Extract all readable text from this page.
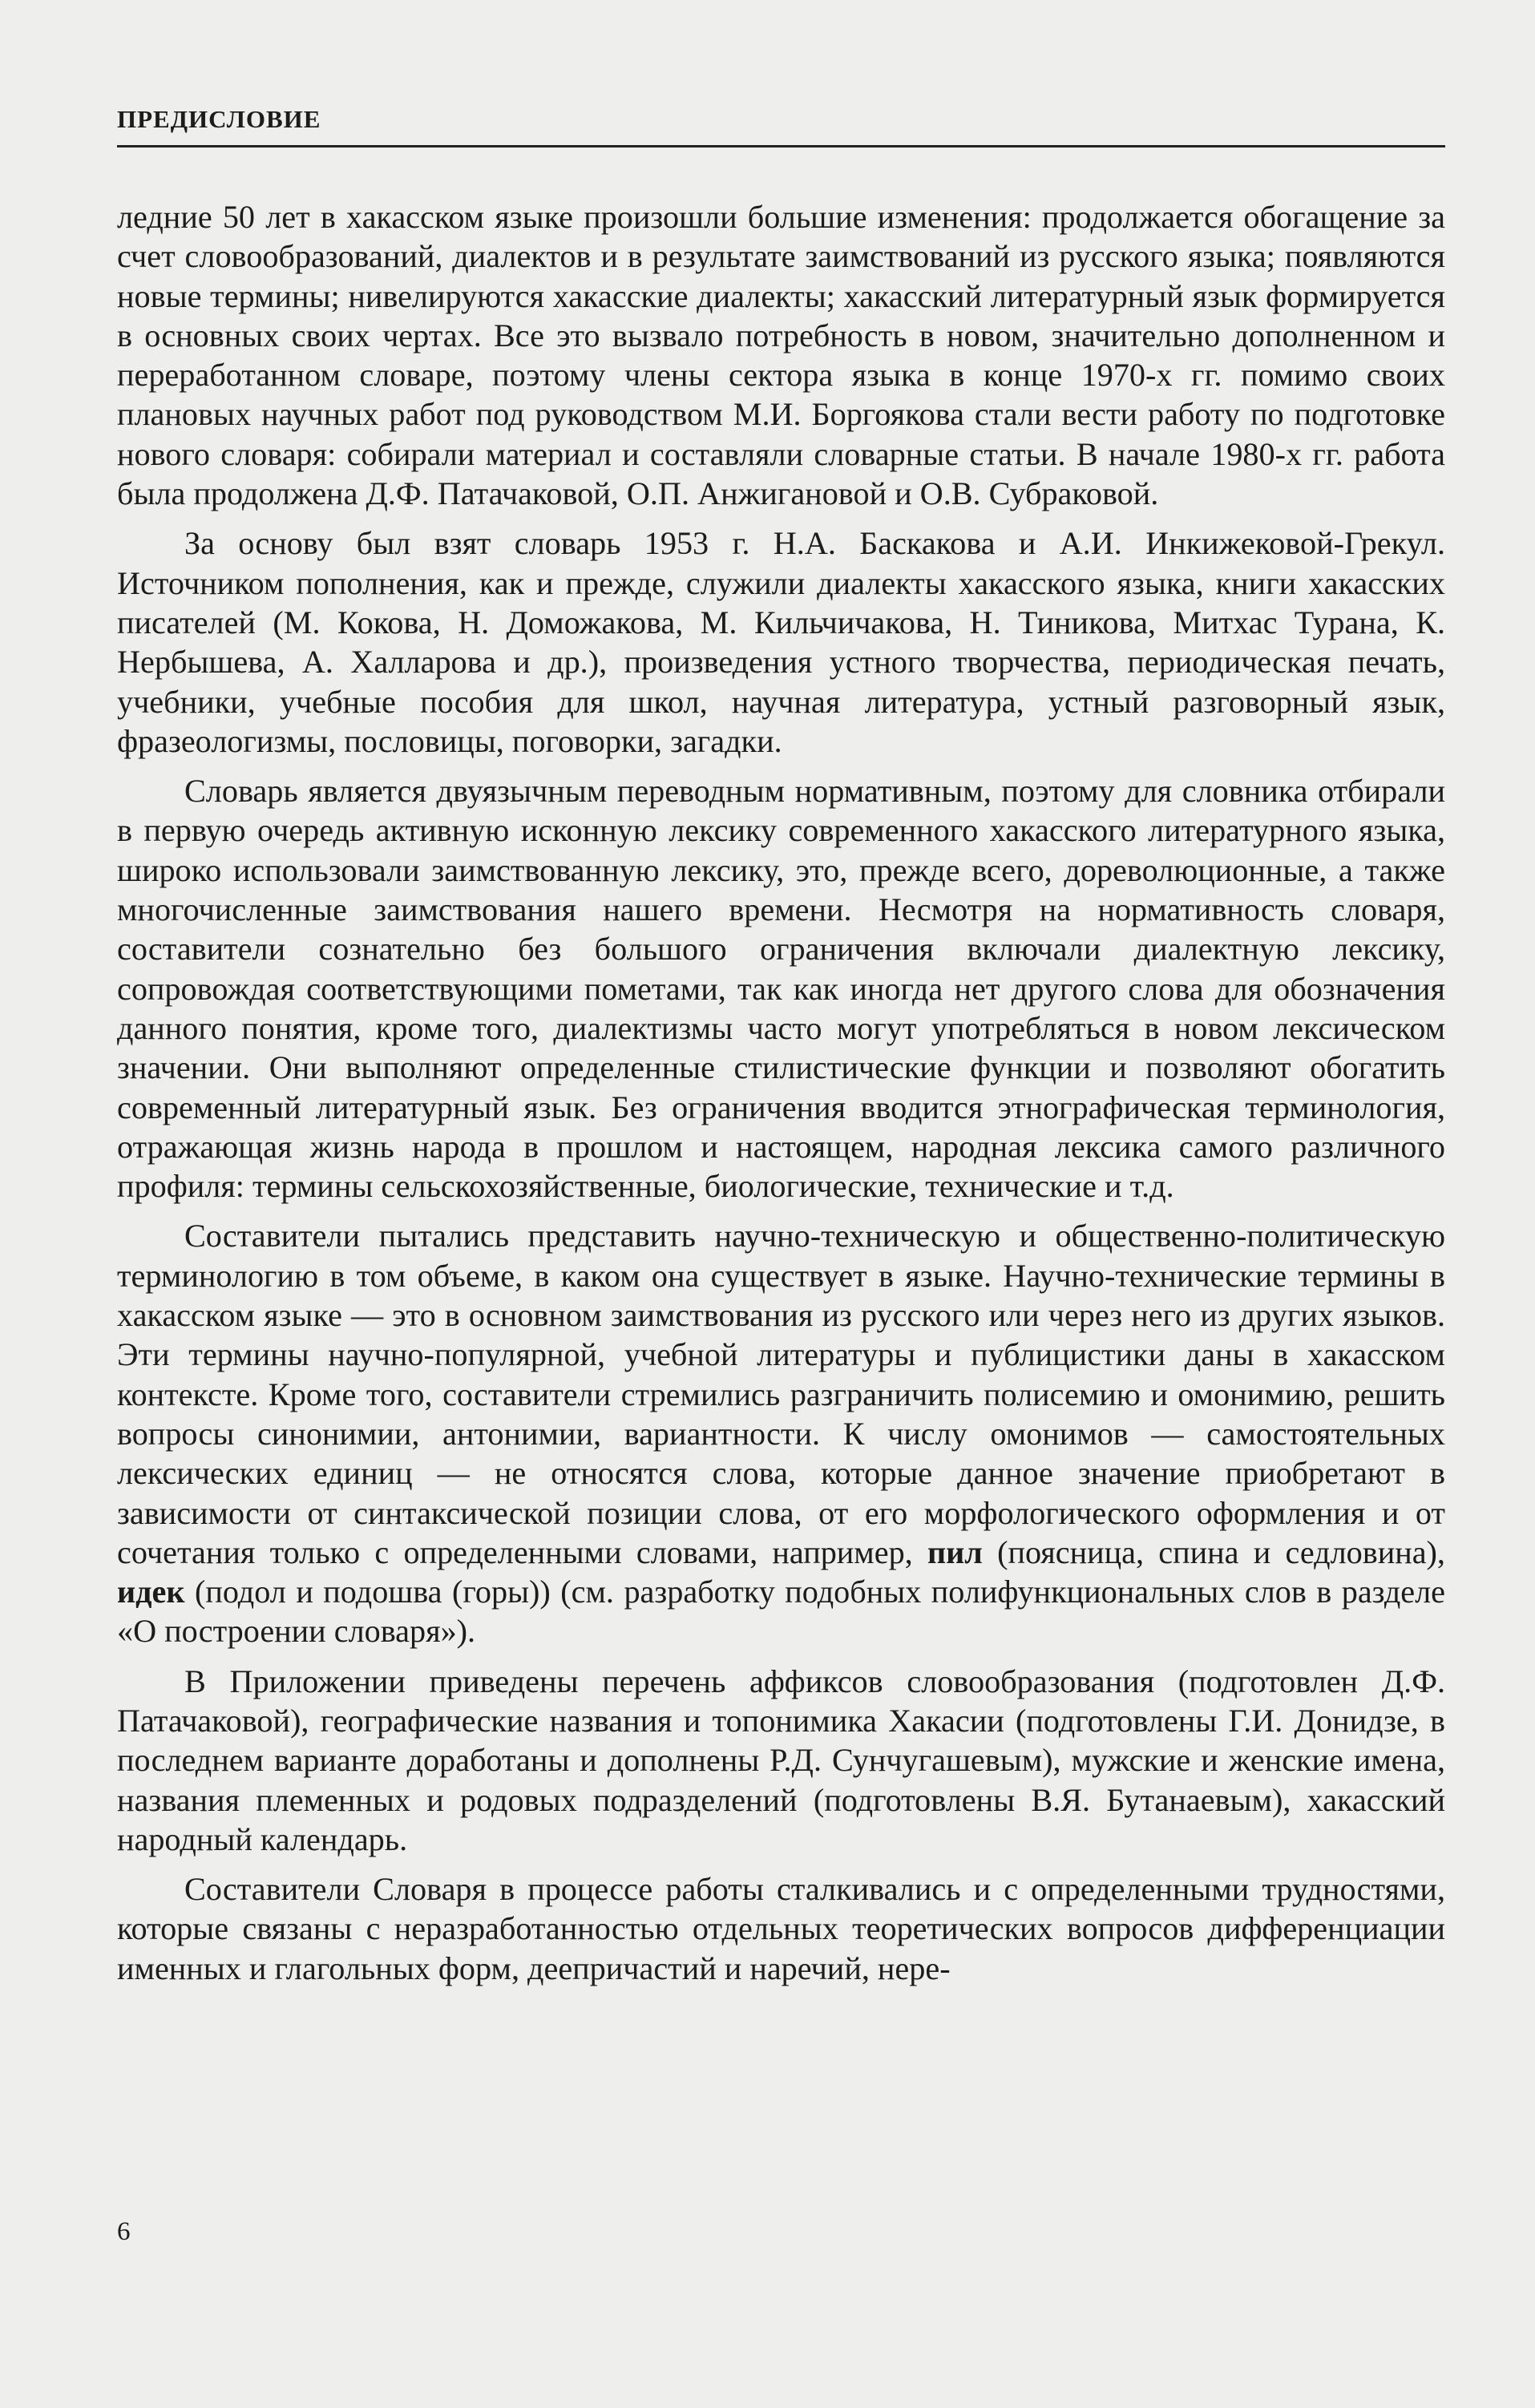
ПРЕДИСЛОВИЕ

ледние 50 лет в хакасском языке произошли большие изменения: продолжается обогащение за счет словообразований, диалектов и в результате заимствований из русского языка; появляются новые термины; нивелируются хакасские диалекты; хакасский литературный язык формируется в основных своих чертах. Все это вызвало потребность в новом, значительно дополненном и переработанном словаре, поэтому члены сектора языка в конце 1970-х гг. помимо своих плановых научных работ под руководством М.И. Боргоякова стали вести работу по подготовке нового словаря: собирали материал и составляли словарные статьи. В начале 1980-х гг. работа была продолжена Д.Ф. Патачаковой, О.П. Анжигановой и О.В. Субраковой.

За основу был взят словарь 1953 г. Н.А. Баскакова и А.И. Инкижековой-Грекул. Источником пополнения, как и прежде, служили диалекты хакасского языка, книги хакасских писателей (М. Кокова, Н. Доможакова, М. Кильчичакова, Н. Тиникова, Митхас Турана, К. Нербышева, А. Халларова и др.), произведения устного творчества, периодическая печать, учебники, учебные пособия для школ, научная литература, устный разговорный язык, фразеологизмы, пословицы, поговорки, загадки.

Словарь является двуязычным переводным нормативным, поэтому для словника отбирали в первую очередь активную исконную лексику современного хакасского литературного языка, широко использовали заимствованную лексику, это, прежде всего, дореволюционные, а также многочисленные заимствования нашего времени. Несмотря на нормативность словаря, составители сознательно без большого ограничения включали диалектную лексику, сопровождая соответствующими пометами, так как иногда нет другого слова для обозначения данного понятия, кроме того, диалектизмы часто могут употребляться в новом лексическом значении. Они выполняют определенные стилистические функции и позволяют обогатить современный литературный язык. Без ограничения вводится этнографическая терминология, отражающая жизнь народа в прошлом и настоящем, народная лексика самого различного профиля: термины сельскохозяйственные, биологические, технические и т.д.

Составители пытались представить научно-техническую и общественно-политическую терминологию в том объеме, в каком она существует в языке. Научно-технические термины в хакасском языке — это в основном заимствования из русского или через него из других языков. Эти термины научно-популярной, учебной литературы и публицистики даны в хакасском контексте. Кроме того, составители стремились разграничить полисемию и омонимию, решить вопросы синонимии, антонимии, вариантности. К числу омонимов — самостоятельных лексических единиц — не относятся слова, которые данное значение приобретают в зависимости от синтаксической позиции слова, от его морфологического оформления и от сочетания только с определенными словами, например, пил (поясница, спина и седловина), идек (подол и подошва (горы)) (см. разработку подобных полифункциональных слов в разделе «О построении словаря»).

В Приложении приведены перечень аффиксов словообразования (подготовлен Д.Ф. Патачаковой), географические названия и топонимика Хакасии (подготовлены Г.И. Донидзе, в последнем варианте доработаны и дополнены Р.Д. Сунчугашевым), мужские и женские имена, названия племенных и родовых подразделений (подготовлены В.Я. Бутанаевым), хакасский народный календарь.

Составители Словаря в процессе работы сталкивались и с определенными трудностями, которые связаны с неразработанностью отдельных теоретических вопросов дифференциации именных и глагольных форм, деепричастий и наречий, нере-

6
